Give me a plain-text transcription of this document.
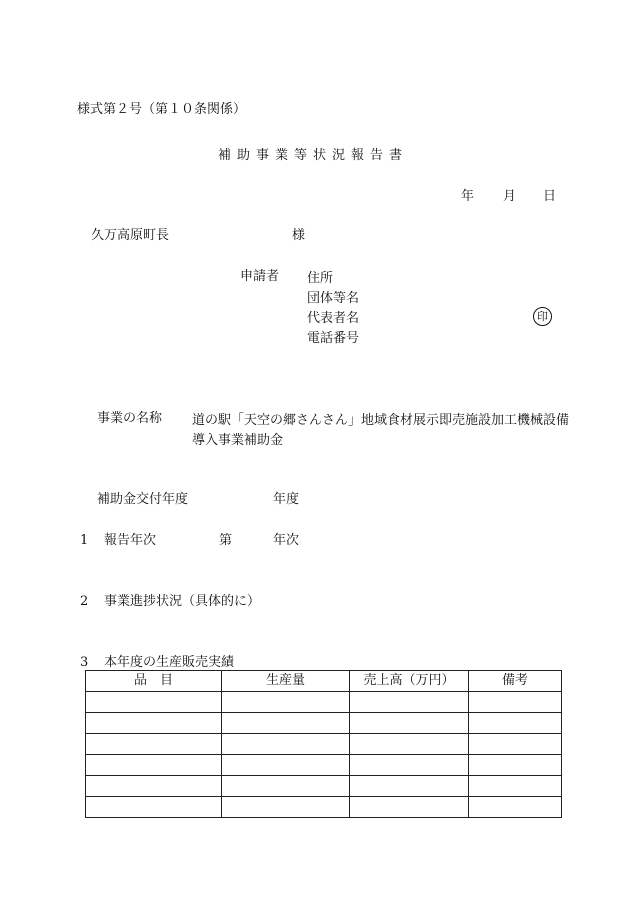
様式第２号（第１０条関係）
補助事業等状況報告書
年 月 日
久万高原町長	様
申請者 住所
団体等名
代表者名
電話番号
印
事業の名称 道の駅「天空の郷さんさん」地域食材展示即売施設加工機械設備導入事業補助金
補助金交付年度	年度
1 報告年次	第	年次
2 事業進捗状況（具体的に）
3 本年度の生産販売実績
品　目	生産量	売上高（万円）	備考
